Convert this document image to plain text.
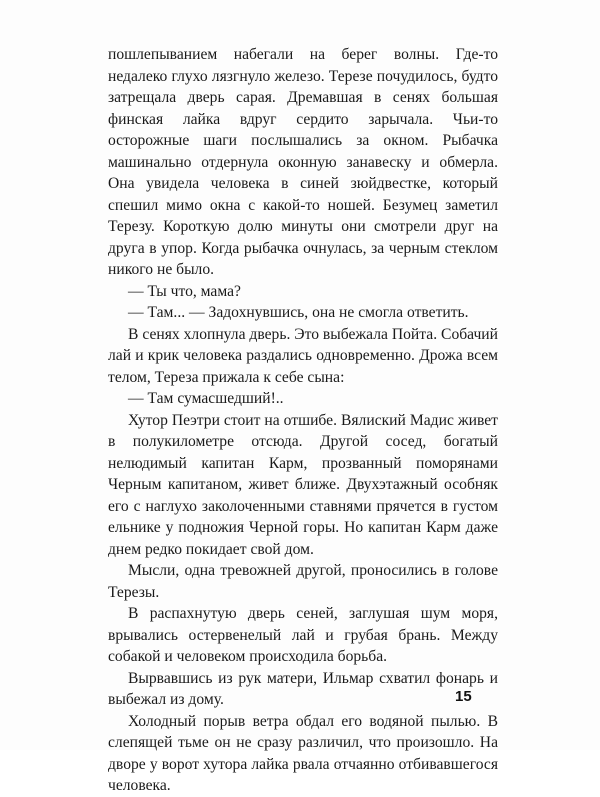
пошлепыванием набегали на берег волны. Где-то недалеко глухо лязгнуло железо. Терезе почудилось, будто затрещала дверь сарая. Дремавшая в сенях большая финская лайка вдруг сердито зарычала. Чьи-то осторожные шаги послышались за окном. Рыбачка машинально отдернула оконную занавеску и обмерла. Она увидела человека в синей зюйдвестке, который спешил мимо окна с какой-то ношей. Безумец заметил Терезу. Короткую долю минуты они смотрели друг на друга в упор. Когда рыбачка очнулась, за черным стеклом никого не было.

— Ты что, мама?

— Там... — Задохнувшись, она не смогла ответить.

В сенях хлопнула дверь. Это выбежала Пойта. Собачий лай и крик человека раздались одновременно. Дрожа всем телом, Тереза прижала к себе сына:

— Там сумасшедший!..

Хутор Пеэтри стоит на отшибе. Вялиский Мадис живет в полукилометре отсюда. Другой сосед, богатый нелюдимый капитан Карм, прозванный поморянами Черным капитаном, живет ближе. Двухэтажный особняк его с наглухо заколоченными ставнями прячется в густом ельнике у подножия Черной горы. Но капитан Карм даже днем редко покидает свой дом.

Мысли, одна тревожней другой, проносились в голове Терезы.

В распахнутую дверь сеней, заглушая шум моря, врывались остервенелый лай и грубая брань. Между собакой и человеком происходила борьба.

Вырвавшись из рук матери, Ильмар схватил фонарь и выбежал из дому.

Холодный порыв ветра обдал его водяной пылью. В слепящей тьме он не сразу различил, что произошло. На дворе у ворот хутора лайка рвала отчаянно отбивавшегося человека.

15
